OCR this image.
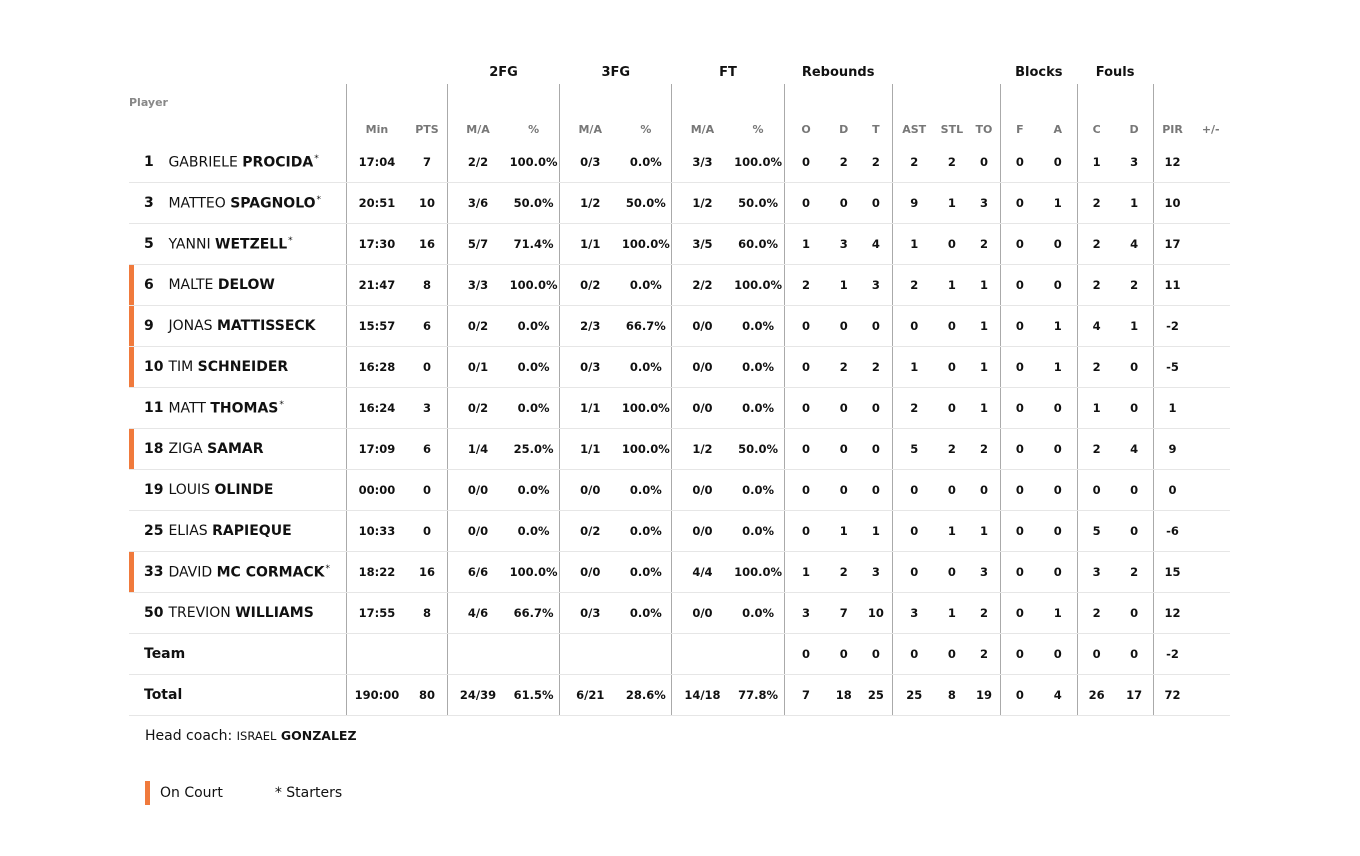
			2FG		3FG		FT		Rebounds						Blocks		Fouls			
Player	Min	PTS	M/A	%	M/A	%	M/A	%	O	D	T	AST	STL	TO	F	A	C	D	PIR	+/-
1 GABRIELE PROCIDA*	17:04	7	2/2	100.0%	0/3	0.0%	3/3	100.0%	0	2	2	2	2	0	0	0	1	3	12	
3 MATTEO SPAGNOLO*	20:51	10	3/6	50.0%	1/2	50.0%	1/2	50.0%	0	0	0	9	1	3	0	1	2	1	10	
5 YANNI WETZELL*	17:30	16	5/7	71.4%	1/1	100.0%	3/5	60.0%	1	3	4	1	0	2	0	0	2	4	17	
6 MALTE DELOW	21:47	8	3/3	100.0%	0/2	0.0%	2/2	100.0%	2	1	3	2	1	1	0	0	2	2	11	
9 JONAS MATTISSECK	15:57	6	0/2	0.0%	2/3	66.7%	0/0	0.0%	0	0	0	0	0	1	0	1	4	1	-2	
10 TIM SCHNEIDER	16:28	0	0/1	0.0%	0/3	0.0%	0/0	0.0%	0	2	2	1	0	1	0	1	2	0	-5	
11 MATT THOMAS*	16:24	3	0/2	0.0%	1/1	100.0%	0/0	0.0%	0	0	0	2	0	1	0	0	1	0	1	
18 ZIGA SAMAR	17:09	6	1/4	25.0%	1/1	100.0%	1/2	50.0%	0	0	0	5	2	2	0	0	2	4	9	
19 LOUIS OLINDE	00:00	0	0/0	0.0%	0/0	0.0%	0/0	0.0%	0	0	0	0	0	0	0	0	0	0	0	
25 ELIAS RAPIEQUE	10:33	0	0/0	0.0%	0/2	0.0%	0/0	0.0%	0	1	1	0	1	1	0	0	5	0	-6	
33 DAVID MC CORMACK*	18:22	16	6/6	100.0%	0/0	0.0%	4/4	100.0%	1	2	3	0	0	3	0	0	3	2	15	
50 TREVION WILLIAMS	17:55	8	4/6	66.7%	0/3	0.0%	0/0	0.0%	3	7	10	3	1	2	0	1	2	0	12	
Team									0	0	0	0	0	2	0	0	0	0	-2	
Total	190:00	80	24/39	61.5%	6/21	28.6%	14/18	77.8%	7	18	25	25	8	19	0	4	26	17	72	
Head coach: ISRAEL GONZALEZ
On Court	* Starters
